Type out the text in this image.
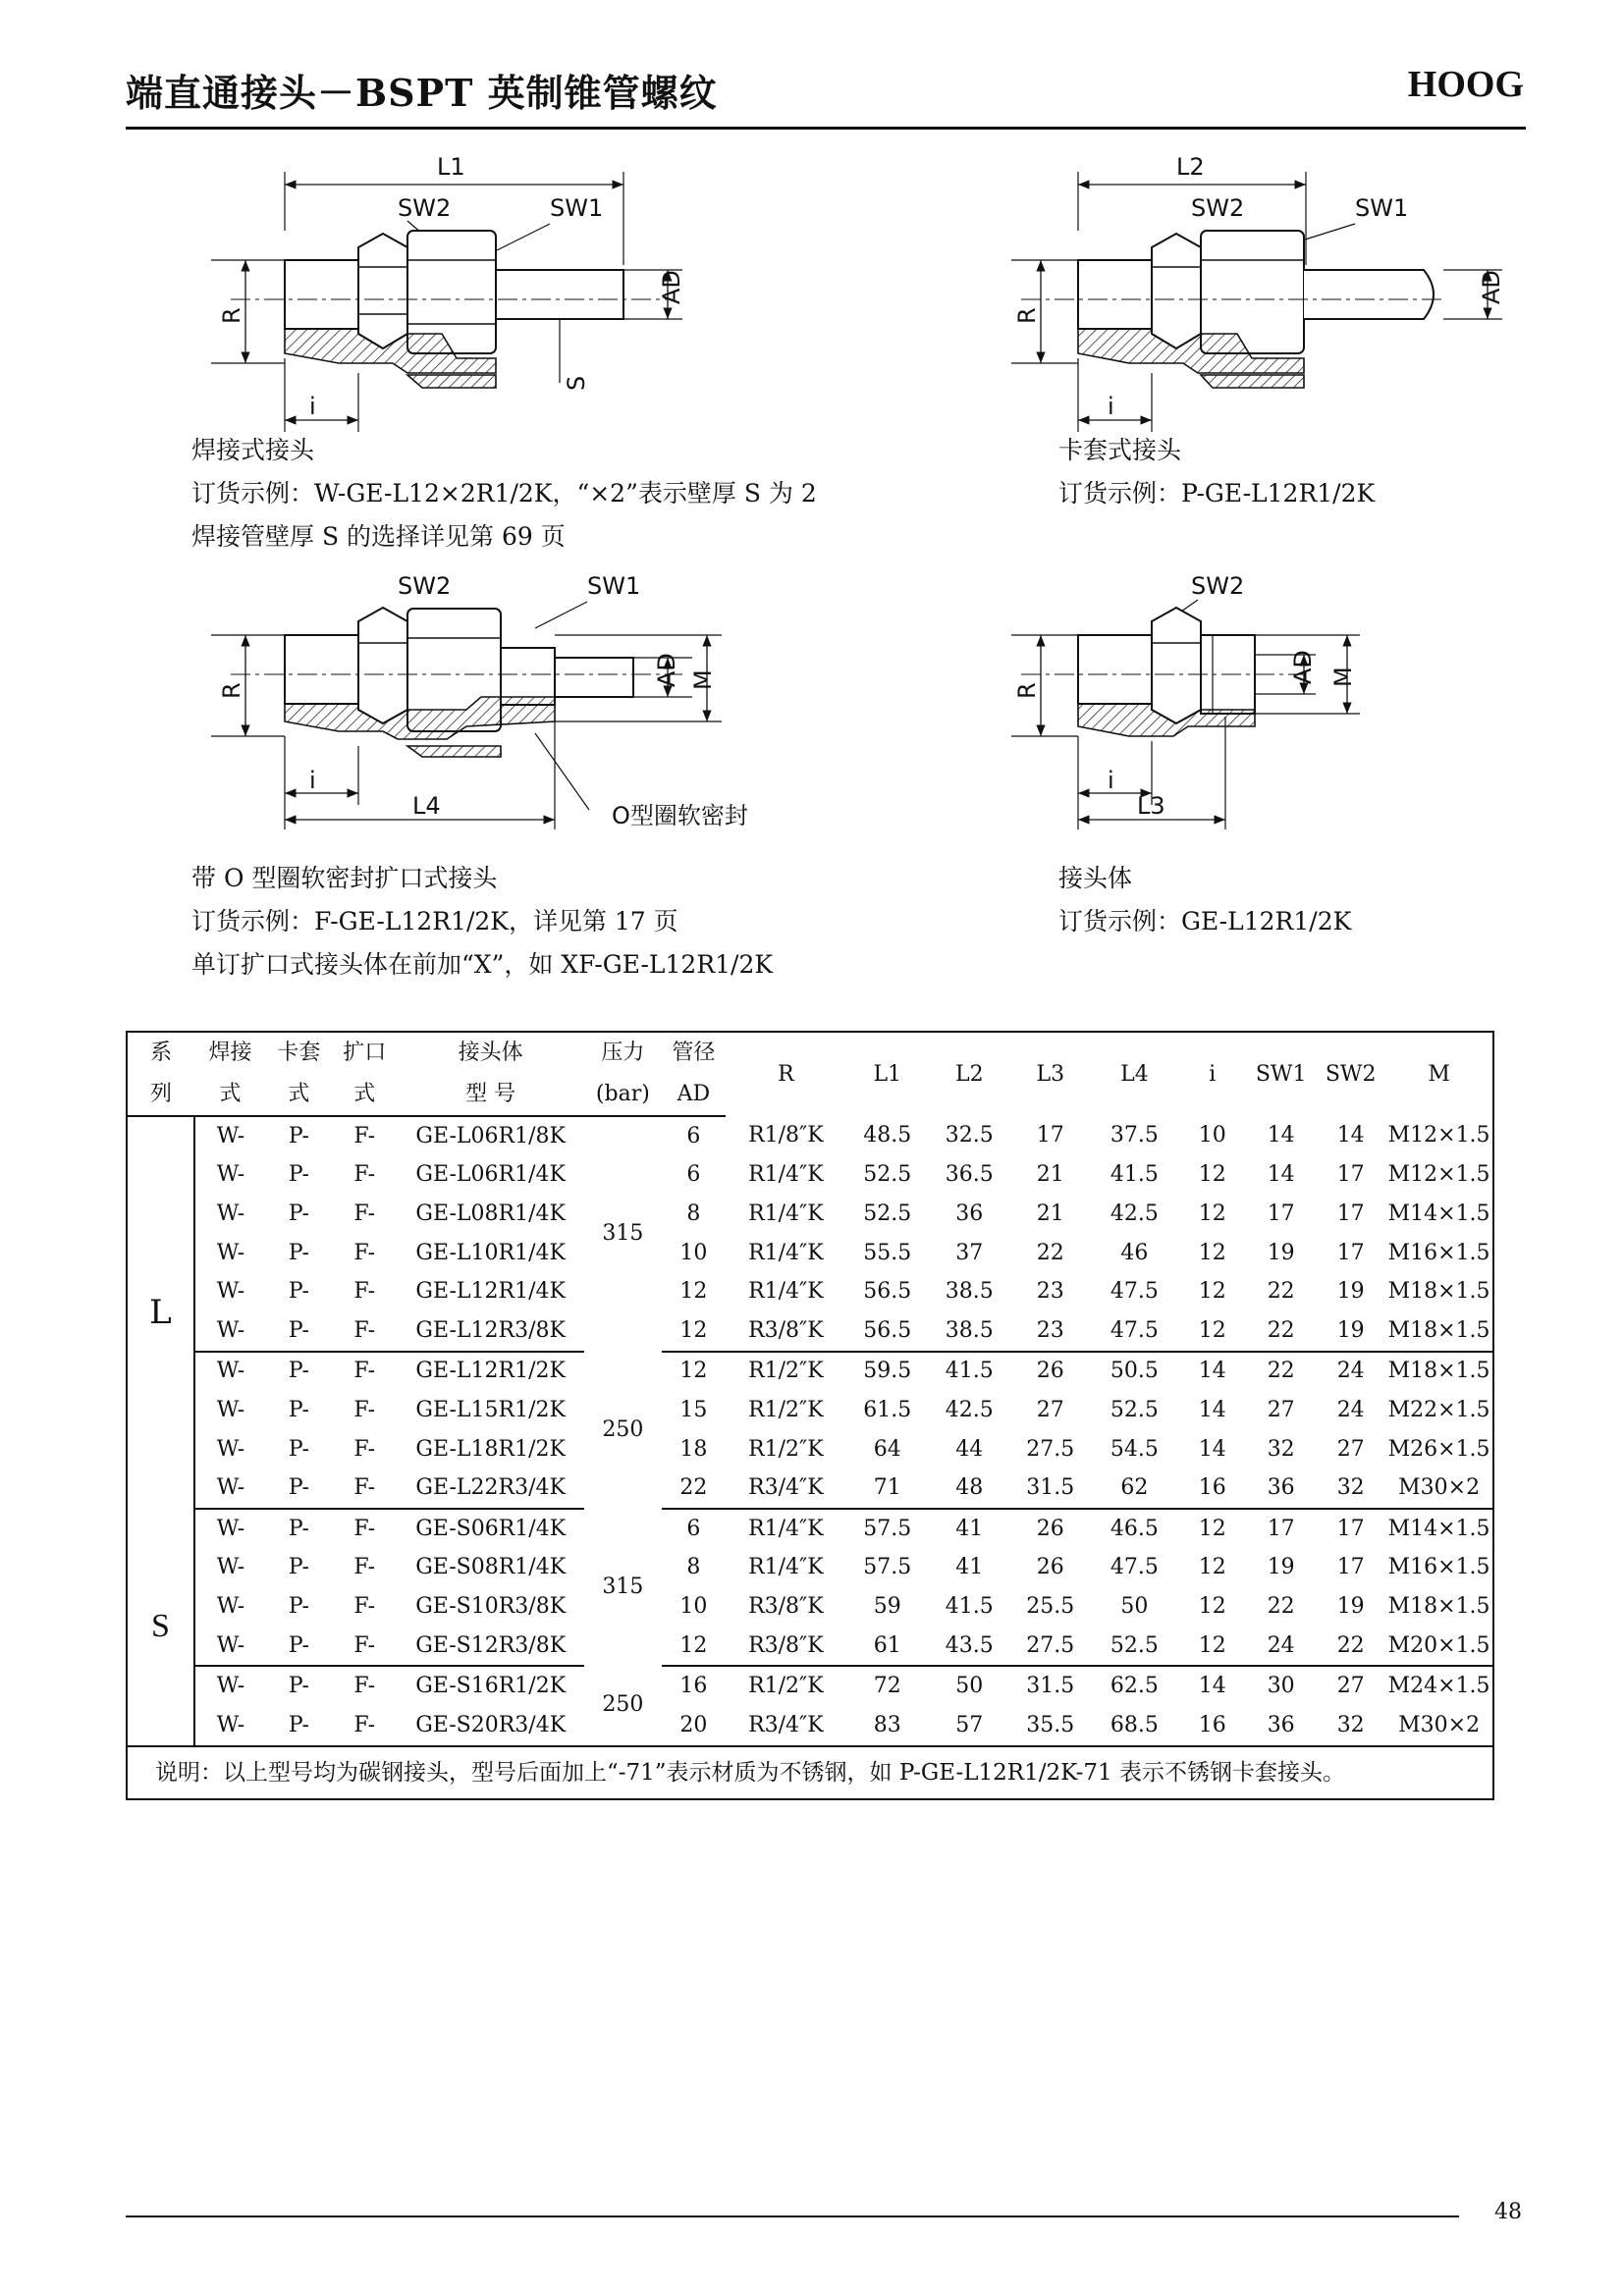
端直通接头－BSPT 英制锥管螺纹	HOOG
L1
SW2	SW1
R
AD
S
i
焊接式接头
订货示例：W-GE-L12×2R1/2K，“×2”表示壁厚 S 为 2
焊接管壁厚 S 的选择详见第 69 页
L2
SW2	SW1
R
AD
i
卡套式接头
订货示例：P-GE-L12R1/2K
SW2	SW1
R
AD M
i
L4	O型圈软密封
带 O 型圈软密封扩口式接头
订货示例：F-GE-L12R1/2K，详见第 17 页
单订扩口式接头体在前加“X”，如 XF-GE-L12R1/2K
SW2
R
AD M
i
L3
接头体
订货示例：GE-L12R1/2K
系	焊接	卡套	扩口	接头体	压力	管径	R	L1	L2	L3	L4	i	SW1	SW2	M
列	式	式	式	型 号	(bar)	AD									
L	W-	P-	F-	GE-L06R1/8K	315	6	R1/8″K	48.5	32.5	17	37.5	10	14	14	M12×1.5
	W-	P-	F-	GE-L06R1/4K		6	R1/4″K	52.5	36.5	21	41.5	12	14	17	M12×1.5
	W-	P-	F-	GE-L08R1/4K		8	R1/4″K	52.5	36	21	42.5	12	17	17	M14×1.5
	W-	P-	F-	GE-L10R1/4K		10	R1/4″K	55.5	37	22	46	12	19	17	M16×1.5
	W-	P-	F-	GE-L12R1/4K		12	R1/4″K	56.5	38.5	23	47.5	12	22	19	M18×1.5
	W-	P-	F-	GE-L12R3/8K		12	R3/8″K	56.5	38.5	23	47.5	12	22	19	M18×1.5
	W-	P-	F-	GE-L12R1/2K	250	12	R1/2″K	59.5	41.5	26	50.5	14	22	24	M18×1.5
	W-	P-	F-	GE-L15R1/2K		15	R1/2″K	61.5	42.5	27	52.5	14	27	24	M22×1.5
	W-	P-	F-	GE-L18R1/2K		18	R1/2″K	64	44	27.5	54.5	14	32	27	M26×1.5
	W-	P-	F-	GE-L22R3/4K		22	R3/4″K	71	48	31.5	62	16	36	32	M30×2
S	W-	P-	F-	GE-S06R1/4K	315	6	R1/4″K	57.5	41	26	46.5	12	17	17	M14×1.5
	W-	P-	F-	GE-S08R1/4K		8	R1/4″K	57.5	41	26	47.5	12	19	17	M16×1.5
	W-	P-	F-	GE-S10R3/8K		10	R3/8″K	59	41.5	25.5	50	12	22	19	M18×1.5
	W-	P-	F-	GE-S12R3/8K		12	R3/8″K	61	43.5	27.5	52.5	12	24	22	M20×1.5
	W-	P-	F-	GE-S16R1/2K	250	16	R1/2″K	72	50	31.5	62.5	14	30	27	M24×1.5
	W-	P-	F-	GE-S20R3/4K		20	R3/4″K	83	57	35.5	68.5	16	36	32	M30×2
说明：以上型号均为碳钢接头，型号后面加上“-71”表示材质为不锈钢，如 P-GE-L12R1/2K-71 表示不锈钢卡套接头。															
48
